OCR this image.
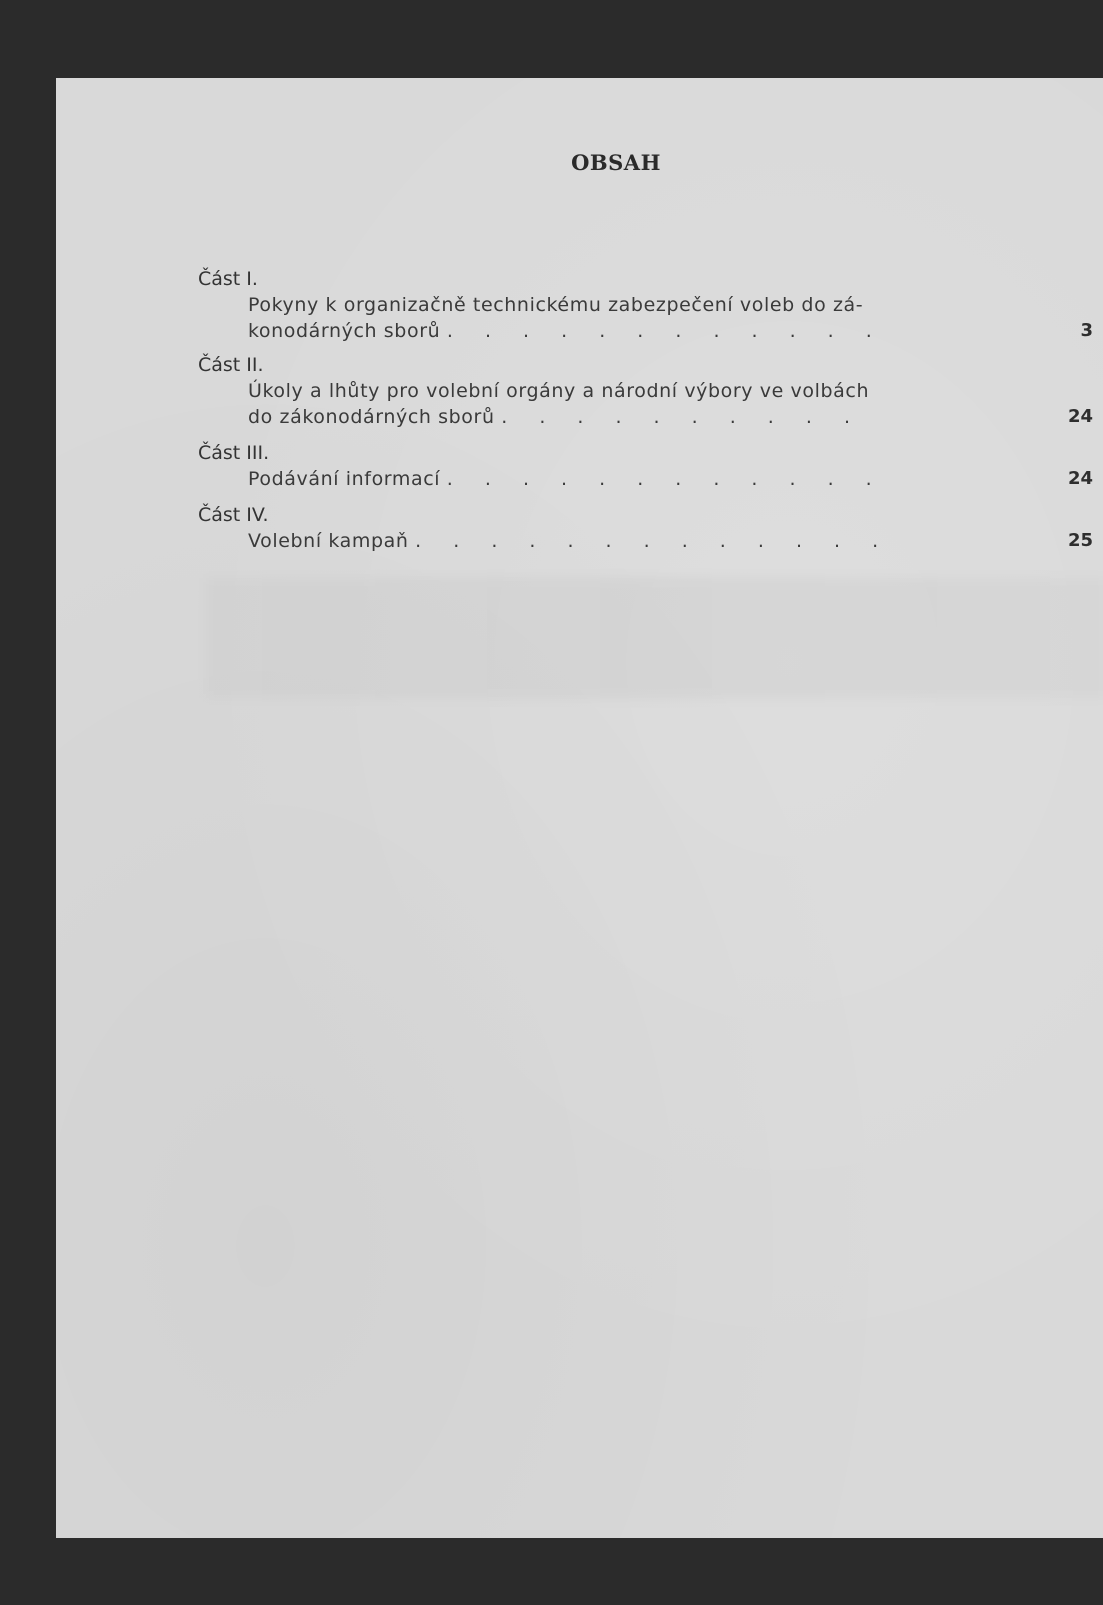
OBSAH
Část I.
Pokyny k organizačně technickému zabezpečení voleb do zá-
konodárných sborů . . . . . . . . . . . .	3
Část II.
Úkoly a lhůty pro volební orgány a národní výbory ve volbách
do zákonodárných sborů . . . . . . . . . .	24
Část III.
Podávání informací . . . . . . . . . . . .	24
Část IV.
Volební kampaň . . . . . . . . . . . . .	25
